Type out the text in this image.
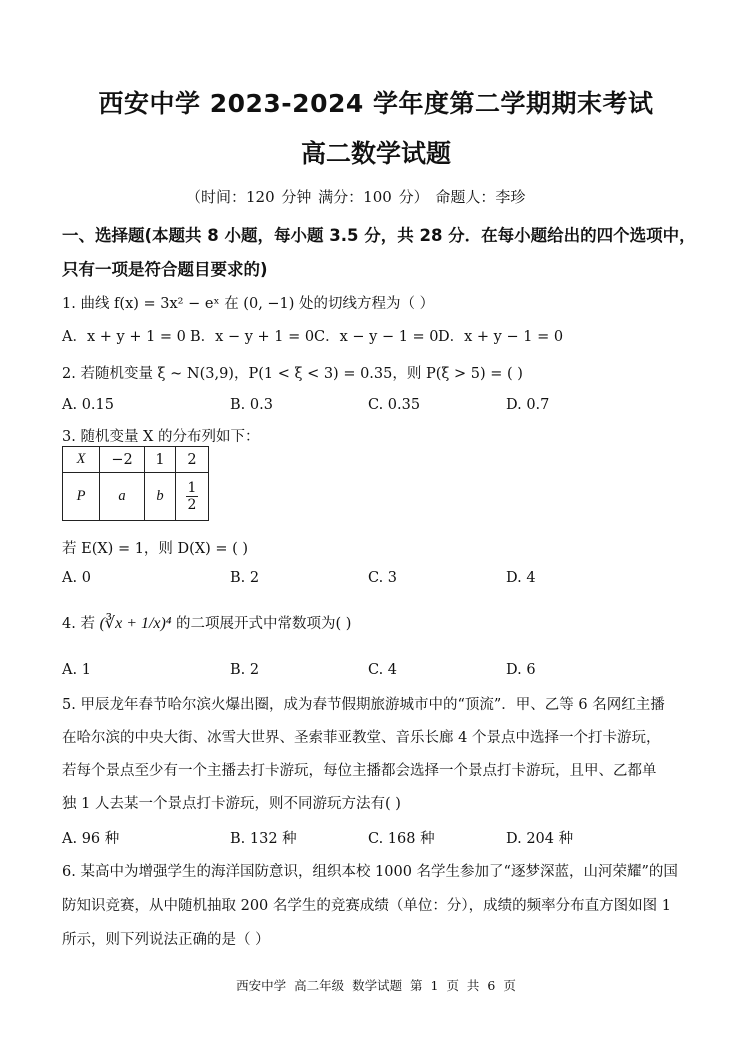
西安中学 2023-2024 学年度第二学期期末考试
高二数学试题
（时间：120 分钟 满分：100 分） 命题人：李珍
一、选择题(本题共 8 小题，每小题 3.5 分，共 28 分．在每小题给出的四个选项中，
只有一项是符合题目要求的)
1. 曲线 f(x) = 3x² − eˣ 在 (0, −1) 处的切线方程为（ ）
A．x + y + 1 = 0 B．x − y + 1 = 0 C．x − y − 1 = 0 D．x + y − 1 = 0
2. 若随机变量 ξ ~ N(3,9)，P(1 < ξ < 3) = 0.35，则 P(ξ > 5) = ( )
A. 0.15	B. 0.3	C. 0.35	D. 0.7
3. 随机变量 X 的分布列如下：
X	−2	1	2
P	a	b	$\frac{1}{2}$
若 E(X) = 1，则 D(X) = ( )
A. 0	B. 2	C. 3	D. 4
4. 若 (∛x + 1/x)⁴ 的二项展开式中常数项为( )
A. 1	B. 2	C. 4	D. 6
5. 甲辰龙年春节哈尔滨火爆出圈，成为春节假期旅游城市中的“顶流”．甲、乙等 6 名网红主播
在哈尔滨的中央大街、冰雪大世界、圣索菲亚教堂、音乐长廊 4 个景点中选择一个打卡游玩，
若每个景点至少有一个主播去打卡游玩，每位主播都会选择一个景点打卡游玩，且甲、乙都单
独 1 人去某一个景点打卡游玩，则不同游玩方法有( )
A. 96 种	B. 132 种	C. 168 种	D. 204 种
6. 某高中为增强学生的海洋国防意识，组织本校 1000 名学生参加了“逐梦深蓝，山河荣耀”的国
防知识竞赛，从中随机抽取 200 名学生的竞赛成绩（单位：分），成绩的频率分布直方图如图 1
所示，则下列说法正确的是（ ）
西安中学 高二年级 数学试题 第 1 页 共 6 页
